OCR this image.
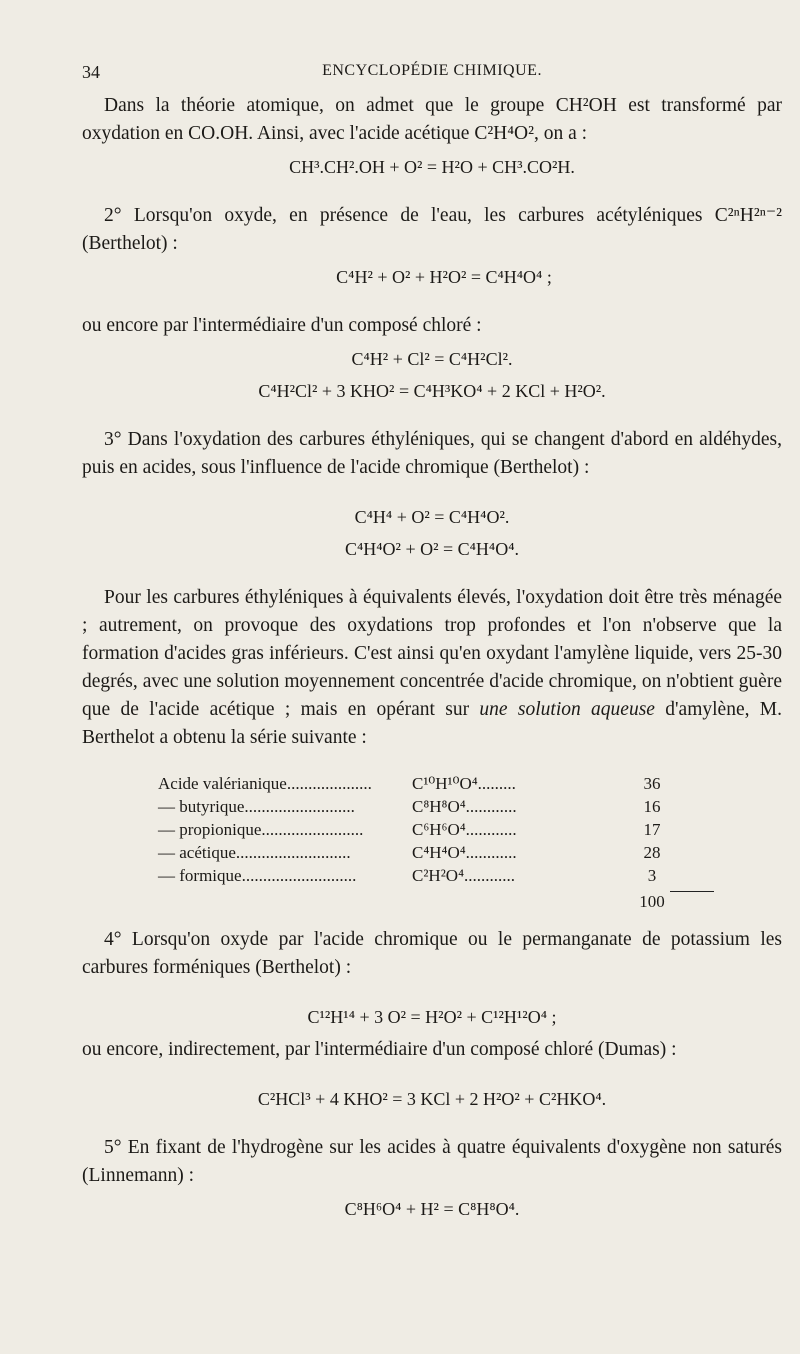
34	ENCYCLOPÉDIE CHIMIQUE.

Dans la théorie atomique, on admet que le groupe CH²OH est transformé par oxydation en CO.OH. Ainsi, avec l'acide acétique C²H⁴O², on a :

CH³.CH².OH + O² = H²O + CH³.CO²H.

2° Lorsqu'on oxyde, en présence de l'eau, les carbures acétyléniques C²ⁿH²ⁿ⁻² (Berthelot) :

C⁴H² + O² + H²O² = C⁴H⁴O⁴ ;

ou encore par l'intermédiaire d'un composé chloré :

C⁴H² + Cl² = C⁴H²Cl².
C⁴H²Cl² + 3 KHO² = C⁴H³KO⁴ + 2 KCl + H²O².

3° Dans l'oxydation des carbures éthyléniques, qui se changent d'abord en aldéhydes, puis en acides, sous l'influence de l'acide chromique (Berthelot) :

C⁴H⁴ + O² = C⁴H⁴O².
C⁴H⁴O² + O² = C⁴H⁴O⁴.

Pour les carbures éthyléniques à équivalents élevés, l'oxydation doit être très ménagée ; autrement, on provoque des oxydations trop profondes et l'on n'observe que la formation d'acides gras inférieurs. C'est ainsi qu'en oxydant l'amylène liquide, vers 25-30 degrés, avec une solution moyennement concentrée d'acide chromique, on n'obtient guère que de l'acide acétique ; mais en opérant sur une solution aqueuse d'amylène, M. Berthelot a obtenu la série suivante :

Acide valérianique....................	C¹⁰H¹⁰O⁴.........	36
— butyrique..........................	C⁸H⁸O⁴............	16
— propionique........................	C⁶H⁶O⁴............	17
— acétique...........................	C⁴H⁴O⁴............	28
— formique...........................	C²H²O⁴............	3
100

4° Lorsqu'on oxyde par l'acide chromique ou le permanganate de potassium les carbures forméniques (Berthelot) :

C¹²H¹⁴ + 3 O² = H²O² + C¹²H¹²O⁴ ;

ou encore, indirectement, par l'intermédiaire d'un composé chloré (Dumas) :

C²HCl³ + 4 KHO² = 3 KCl + 2 H²O² + C²HKO⁴.

5° En fixant de l'hydrogène sur les acides à quatre équivalents d'oxygène non saturés (Linnemann) :

C⁸H⁶O⁴ + H² = C⁸H⁸O⁴.
